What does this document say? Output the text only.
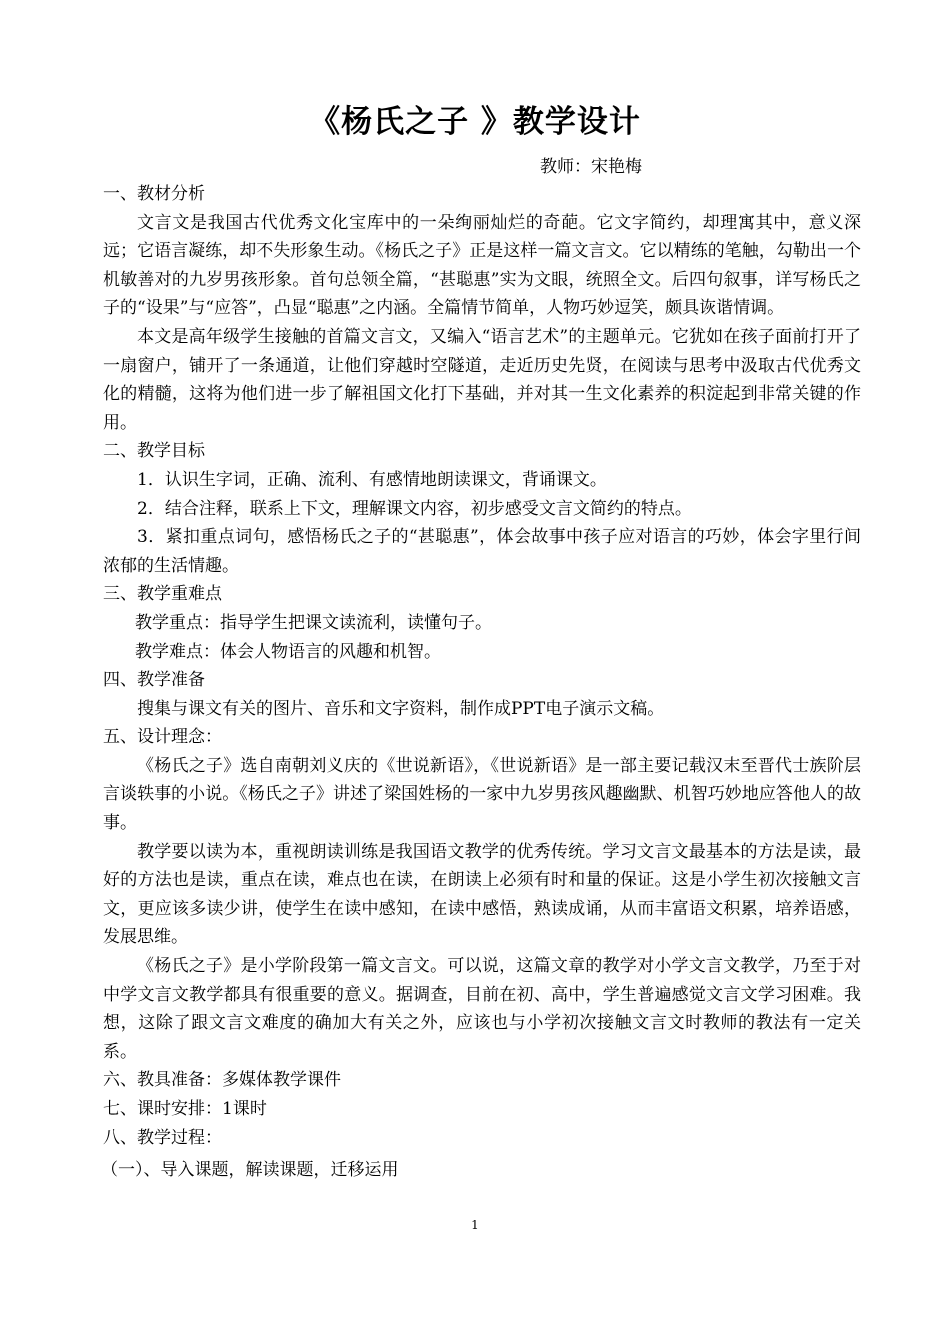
《杨氏之子 》教学设计
教师：宋艳梅

一、教材分析

文言文是我国古代优秀文化宝库中的一朵绚丽灿烂的奇葩。它文字简约，却理寓其中，意义深远；它语言凝练，却不失形象生动。《杨氏之子》正是这样一篇文言文。它以精练的笔触，勾勒出一个机敏善对的九岁男孩形象。首句总领全篇，“甚聪惠”实为文眼，统照全文。后四句叙事，详写杨氏之子的“设果”与“应答”，凸显“聪惠”之内涵。全篇情节简单，人物巧妙逗笑，颇具诙谐情调。

本文是高年级学生接触的首篇文言文，又编入“语言艺术”的主题单元。它犹如在孩子面前打开了一扇窗户，铺开了一条通道，让他们穿越时空隧道，走近历史先贤，在阅读与思考中汲取古代优秀文化的精髓，这将为他们进一步了解祖国文化打下基础，并对其一生文化素养的积淀起到非常关键的作用。

二、教学目标

1．认识生字词，正确、流利、有感情地朗读课文，背诵课文。

2．结合注释，联系上下文，理解课文内容，初步感受文言文简约的特点。

3．紧扣重点词句，感悟杨氏之子的“甚聪惠”，体会故事中孩子应对语言的巧妙，体会字里行间浓郁的生活情趣。

三、教学重难点

教学重点：指导学生把课文读流利，读懂句子。

教学难点：体会人物语言的风趣和机智。

四、教学准备

搜集与课文有关的图片、音乐和文字资料，制作成PPT电子演示文稿。

五、设计理念：

《杨氏之子》选自南朝刘义庆的《世说新语》，《世说新语》是一部主要记载汉末至晋代士族阶层言谈轶事的小说。《杨氏之子》讲述了梁国姓杨的一家中九岁男孩风趣幽默、机智巧妙地应答他人的故事。

教学要以读为本，重视朗读训练是我国语文教学的优秀传统。学习文言文最基本的方法是读，最好的方法也是读，重点在读，难点也在读，在朗读上必须有时和量的保证。这是小学生初次接触文言文，更应该多读少讲，使学生在读中感知，在读中感悟，熟读成诵，从而丰富语文积累，培养语感，发展思维。

《杨氏之子》是小学阶段第一篇文言文。可以说，这篇文章的教学对小学文言文教学，乃至于对中学文言文教学都具有很重要的意义。据调查，目前在初、高中，学生普遍感觉文言文学习困难。我想，这除了跟文言文难度的确加大有关之外，应该也与小学初次接触文言文时教师的教法有一定关系。

六、教具准备：多媒体教学课件

七、课时安排：1课时

八、教学过程：

（一）、导入课题，解读课题，迁移运用

1
